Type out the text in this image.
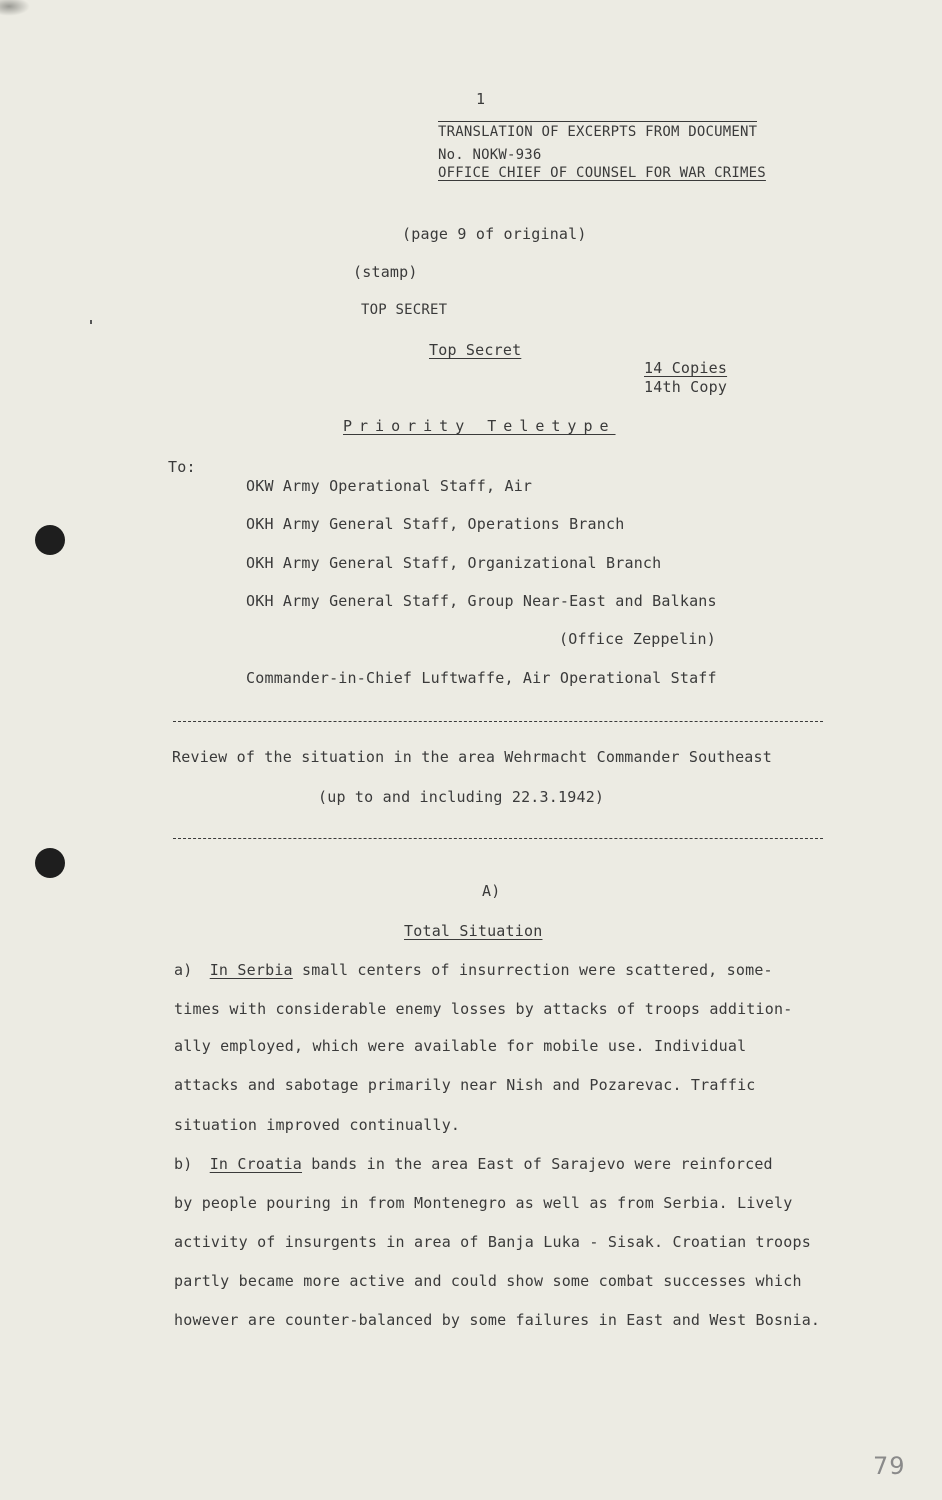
1
TRANSLATION OF EXCERPTS FROM DOCUMENT
No. NOKW-936
OFFICE CHIEF OF COUNSEL FOR WAR CRIMES
(page 9 of original)
(stamp)
TOP SECRET
Top Secret
14 Copies
14th Copy
Priority Teletype
To:
OKW Army Operational Staff, Air
OKH Army General Staff, Operations Branch
OKH Army General Staff, Organizational Branch
OKH Army General Staff, Group Near-East and Balkans
(Office Zeppelin)
Commander-in-Chief Luftwaffe, Air Operational Staff
Review of the situation in the area Wehrmacht Commander Southeast
(up to and including 22.3.1942)
A)
Total Situation
a) In Serbia small centers of insurrection were scattered, some-
times with considerable enemy losses by attacks of troops addition-
ally employed, which were available for mobile use. Individual
attacks and sabotage primarily near Nish and Pozarevac. Traffic
situation improved continually.
b) In Croatia bands in the area East of Sarajevo were reinforced
by people pouring in from Montenegro as well as from Serbia. Lively
activity of insurgents in area of Banja Luka - Sisak. Croatian troops
partly became more active and could show some combat successes which
however are counter-balanced by some failures in East and West Bosnia.
79
